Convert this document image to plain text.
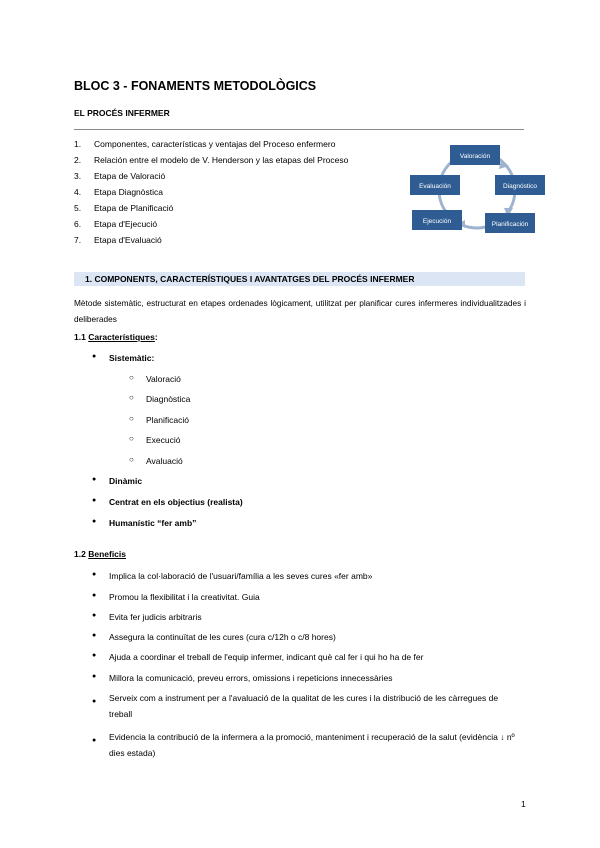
BLOC 3 - FONAMENTS METODOLÒGICS
EL PROCÉS INFERMER
1. Componentes, características y ventajas del Proceso enfermero
2. Relación entre el modelo de V. Henderson y las etapas del Proceso
3. Etapa de Valoració
4. Etapa Diagnòstica
5. Etapa de Planificació
6. Etapa d'Ejecució
7. Etapa d'Evaluació
Valoración
Diagnóstico
Planificación
Ejecución
Evaluación
1. COMPONENTS, CARACTERÍSTIQUES I AVANTATGES DEL PROCÉS INFERMER

Mètode sistemàtic, estructurat en etapes ordenades lògicament, utilitzat per planificar cures infermeres individualitzades i deliberades

1.1 Característiques:
● Sistemàtic:
○ Valoració
○ Diagnòstica
○ Planificació
○ Execució
○ Avaluació
● Dinàmic
● Centrat en els objectius (realista)
● Humanístic “fer amb”
1.2 Beneficis
● Implica la col·laboració de l'usuari/família a les seves cures «fer amb»
● Promou la flexibilitat i la creativitat. Guia
● Evita fer judicis arbitraris
● Assegura la continuïtat de les cures (cura c/12h o c/8 hores)
● Ajuda a coordinar el treball de l'equip infermer, indicant què cal fer i qui ho ha de fer
● Millora la comunicació, preveu errors, omissions i repeticions innecessàries
● Serveix com a instrument per a l'avaluació de la qualitat de les cures i la distribució de les càrregues de treball
● Evidencia la contribució de la infermera a la promoció, manteniment i recuperació de la salut (evidència ↓ nº dies estada)
1
